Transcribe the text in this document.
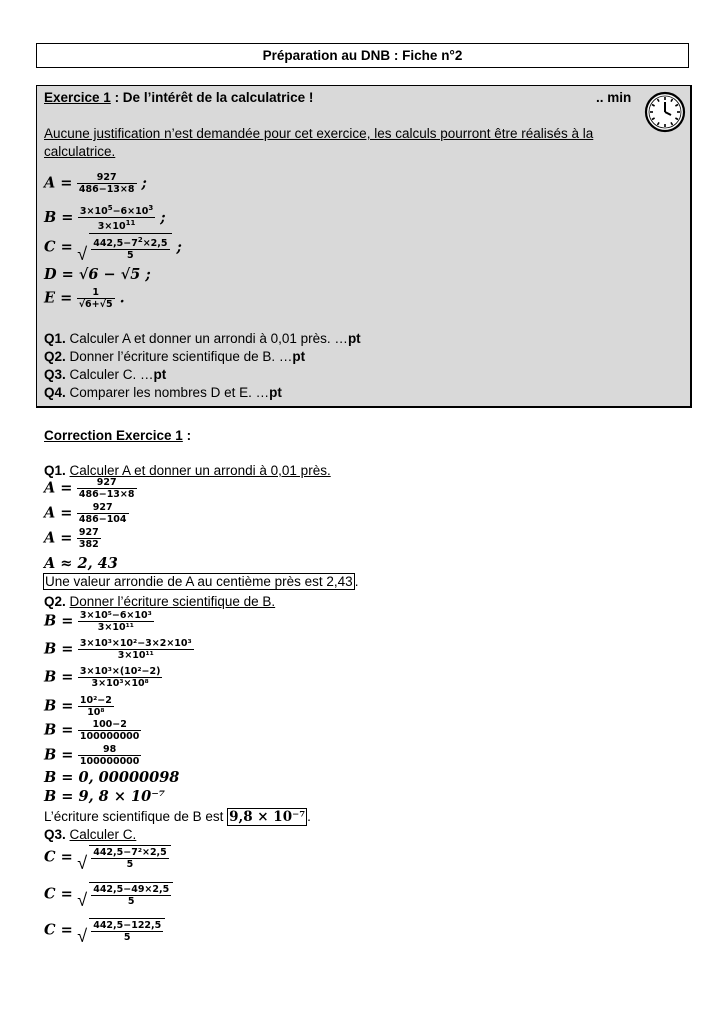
Préparation au DNB : Fiche n°2
Exercice 1 : De l’intérêt de la calculatrice !	.. min
Aucune justification n’est demandée pour cet exercice, les calculs pourront être réalisés à la
calculatrice.
$A = \frac{927}{486-13\times 8}$ ;
$B = \frac{3\times 10^5-6\times 10^3}{3\times 10^{11}}$ ;
C = √ $\frac{442,5-7^2\times 2,5}{5}$ ;
D = √6 − √5 ;
$E = \frac{1}{√6+√5}$ .
Q1. Calculer A et donner un arrondi à 0,01 près. …pt
Q2. Donner l’écriture scientifique de B. …pt
Q3. Calculer C. …pt
Q4. Comparer les nombres D et E. …pt
Correction Exercice 1 :
Q1. Calculer A et donner un arrondi à 0,01 près.
$A = \frac{927}{486-13\times 8}$
$A = \frac{927}{486-104}$
$A = \frac{927}{382}$
A ≈ 2, 43
Une valeur arrondie de A au centième près est 2,43 .
Q2. Donner l’écriture scientifique de B.
$B = \frac{\text{3×10⁵−6×10³}}{\text{3×10¹¹}}$
$B = \frac{\text{3×10³×10²−3×2×10³}}{\text{3×10¹¹}}$
$B = \frac{\text{3×10³×(10²−2)}}{\text{3×10³×10⁸}}$
$B = \frac{\text{10²−2}}{\text{10⁸}}$
$B = \frac{100-2}{100000000}$
$B = \frac{98}{100000000}$
B = 0, 00000098
B = 9, 8 × 10⁻⁷
L’écriture scientifique de B est 9,8 × 10⁻⁷ .
Q3. Calculer C.
C = √ $\frac{\text{442,5−7²×2,5}}{5}$
C = √ $\frac{442,5-49\times 2,5}{5}$
C = √ $\frac{442,5-122,5}{5}$
